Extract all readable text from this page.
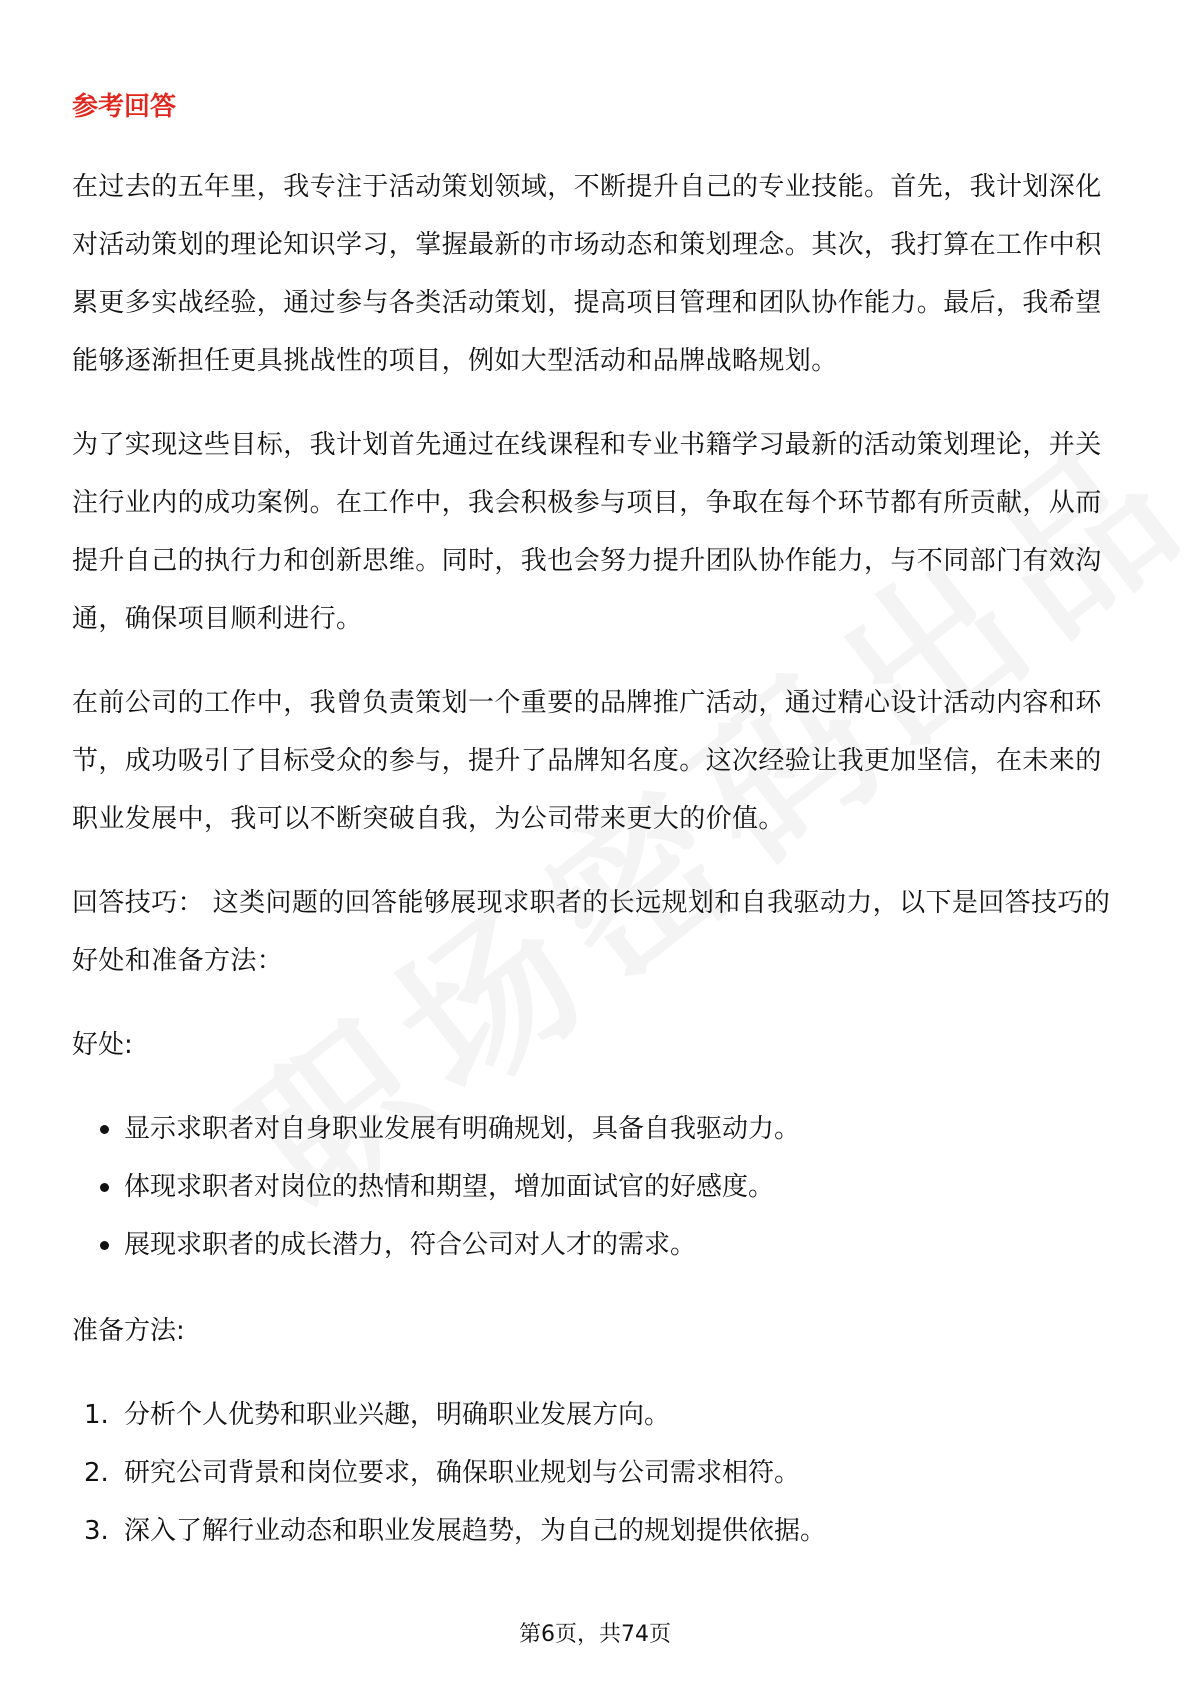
参考回答

在过去的五年里，我专注于活动策划领域，不断提升自己的专业技能。首先，我计划深化对活动策划的理论知识学习，掌握最新的市场动态和策划理念。其次，我打算在工作中积累更多实战经验，通过参与各类活动策划，提高项目管理和团队协作能力。最后，我希望能够逐渐担任更具挑战性的项目，例如大型活动和品牌战略规划。

为了实现这些目标，我计划首先通过在线课程和专业书籍学习最新的活动策划理论，并关注行业内的成功案例。在工作中，我会积极参与项目，争取在每个环节都有所贡献，从而提升自己的执行力和创新思维。同时，我也会努力提升团队协作能力，与不同部门有效沟通，确保项目顺利进行。

在前公司的工作中，我曾负责策划一个重要的品牌推广活动，通过精心设计活动内容和环节，成功吸引了目标受众的参与，提升了品牌知名度。这次经验让我更加坚信，在未来的职业发展中，我可以不断突破自我，为公司带来更大的价值。

回答技巧： 这类问题的回答能够展现求职者的长远规划和自我驱动力，以下是回答技巧的好处和准备方法：

好处:
显示求职者对自身职业发展有明确规划，具备自我驱动力。
体现求职者对岗位的热情和期望，增加面试官的好感度。
展现求职者的成长潜力，符合公司对人才的需求。
准备方法:
1. 分析个人优势和职业兴趣，明确职业发展方向。
2. 研究公司背景和岗位要求，确保职业规划与公司需求相符。
3. 深入了解行业动态和职业发展趋势，为自己的规划提供依据。
第6页，共74页
